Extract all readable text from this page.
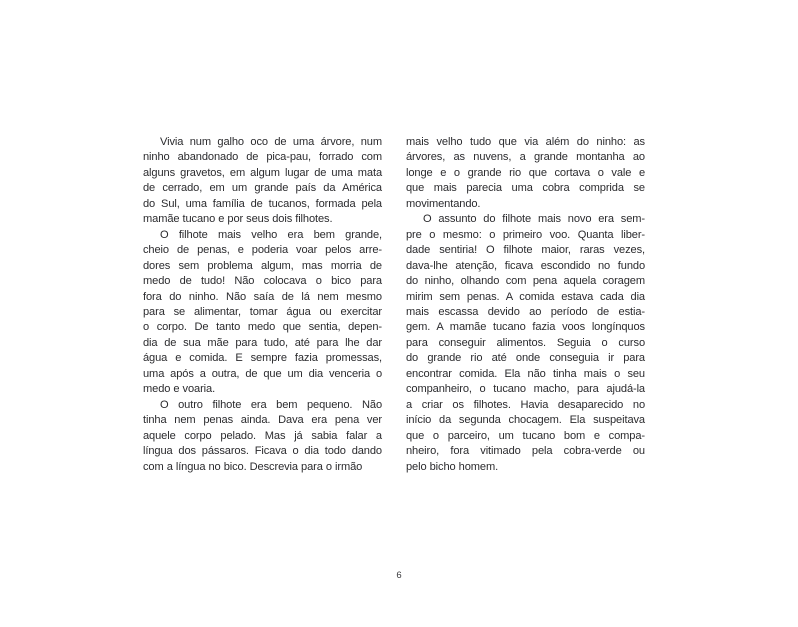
Vivia num galho oco de uma árvore, num
ninho abandonado de pica-pau, forrado com
alguns gravetos, em algum lugar de uma mata
de cerrado, em um grande país da América
do Sul, uma família de tucanos, formada pela
mamãe tucano e por seus dois filhotes.

O filhote mais velho era bem grande,
cheio de penas, e poderia voar pelos arre-
dores sem problema algum, mas morria de
medo de tudo! Não colocava o bico para
fora do ninho. Não saía de lá nem mesmo
para se alimentar, tomar água ou exercitar
o corpo. De tanto medo que sentia, depen-
dia de sua mãe para tudo, até para lhe dar
água e comida. E sempre fazia promessas,
uma após a outra, de que um dia venceria o
medo e voaria.

O outro filhote era bem pequeno. Não
tinha nem penas ainda. Dava era pena ver
aquele corpo pelado. Mas já sabia falar a
língua dos pássaros. Ficava o dia todo dando
com a língua no bico. Descrevia para o irmão

mais velho tudo que via além do ninho: as
árvores, as nuvens, a grande montanha ao
longe e o grande rio que cortava o vale e
que mais parecia uma cobra comprida se
movimentando.

O assunto do filhote mais novo era sem-
pre o mesmo: o primeiro voo. Quanta liber-
dade sentiria! O filhote maior, raras vezes,
dava-lhe atenção, ficava escondido no fundo
do ninho, olhando com pena aquela coragem
mirim sem penas. A comida estava cada dia
mais escassa devido ao período de estia-
gem. A mamãe tucano fazia voos longínquos
para conseguir alimentos. Seguia o curso
do grande rio até onde conseguia ir para
encontrar comida. Ela não tinha mais o seu
companheiro, o tucano macho, para ajudá-la
a criar os filhotes. Havia desaparecido no
início da segunda chocagem. Ela suspeitava
que o parceiro, um tucano bom e compa-
nheiro, fora vitimado pela cobra-verde ou
pelo bicho homem.

6
